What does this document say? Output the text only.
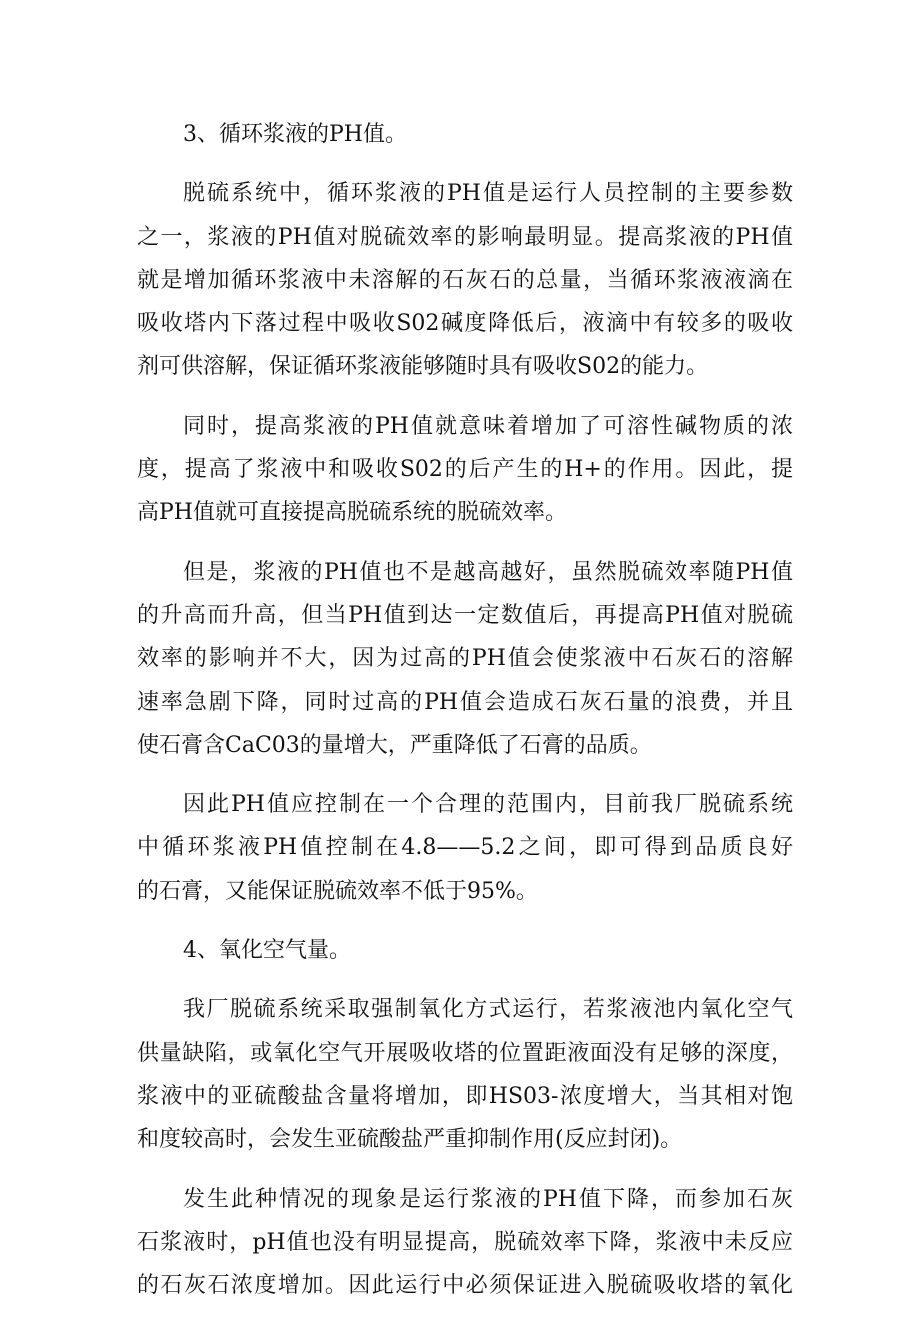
3、循环浆液的PH值。
脱硫系统中，循环浆液的PH值是运行人员控制的主要参数
之一，浆液的PH值对脱硫效率的影响最明显。提高浆液的PH值
就是增加循环浆液中未溶解的石灰石的总量，当循环浆液液滴在
吸收塔内下落过程中吸收S02碱度降低后，液滴中有较多的吸收
剂可供溶解，保证循环浆液能够随时具有吸收S02的能力。
同时，提高浆液的PH值就意味着增加了可溶性碱物质的浓
度，提高了浆液中和吸收S02的后产生的H+的作用。因此，提
高PH值就可直接提高脱硫系统的脱硫效率。
但是，浆液的PH值也不是越高越好，虽然脱硫效率随PH值
的升高而升高，但当PH值到达一定数值后，再提高PH值对脱硫
效率的影响并不大，因为过高的PH值会使浆液中石灰石的溶解
速率急剧下降，同时过高的PH值会造成石灰石量的浪费，并且
使石膏含CaC03的量增大，严重降低了石膏的品质。
因此PH值应控制在一个合理的范围内，目前我厂脱硫系统
中循环浆液PH值控制在4.8——5.2之间，即可得到品质良好
的石膏，又能保证脱硫效率不低于95%。
4、氧化空气量。
我厂脱硫系统采取强制氧化方式运行，若浆液池内氧化空气
供量缺陷，或氧化空气开展吸收塔的位置距液面没有足够的深度，
浆液中的亚硫酸盐含量将增加，即HS03-浓度增大，当其相对饱
和度较高时，会发生亚硫酸盐严重抑制作用(反应封闭)。
发生此种情况的现象是运行浆液的PH值下降，而参加石灰
石浆液时，pH值也没有明显提高，脱硫效率下降，浆液中未反应
的石灰石浓度增加。因此运行中必须保证进入脱硫吸收塔的氧化
